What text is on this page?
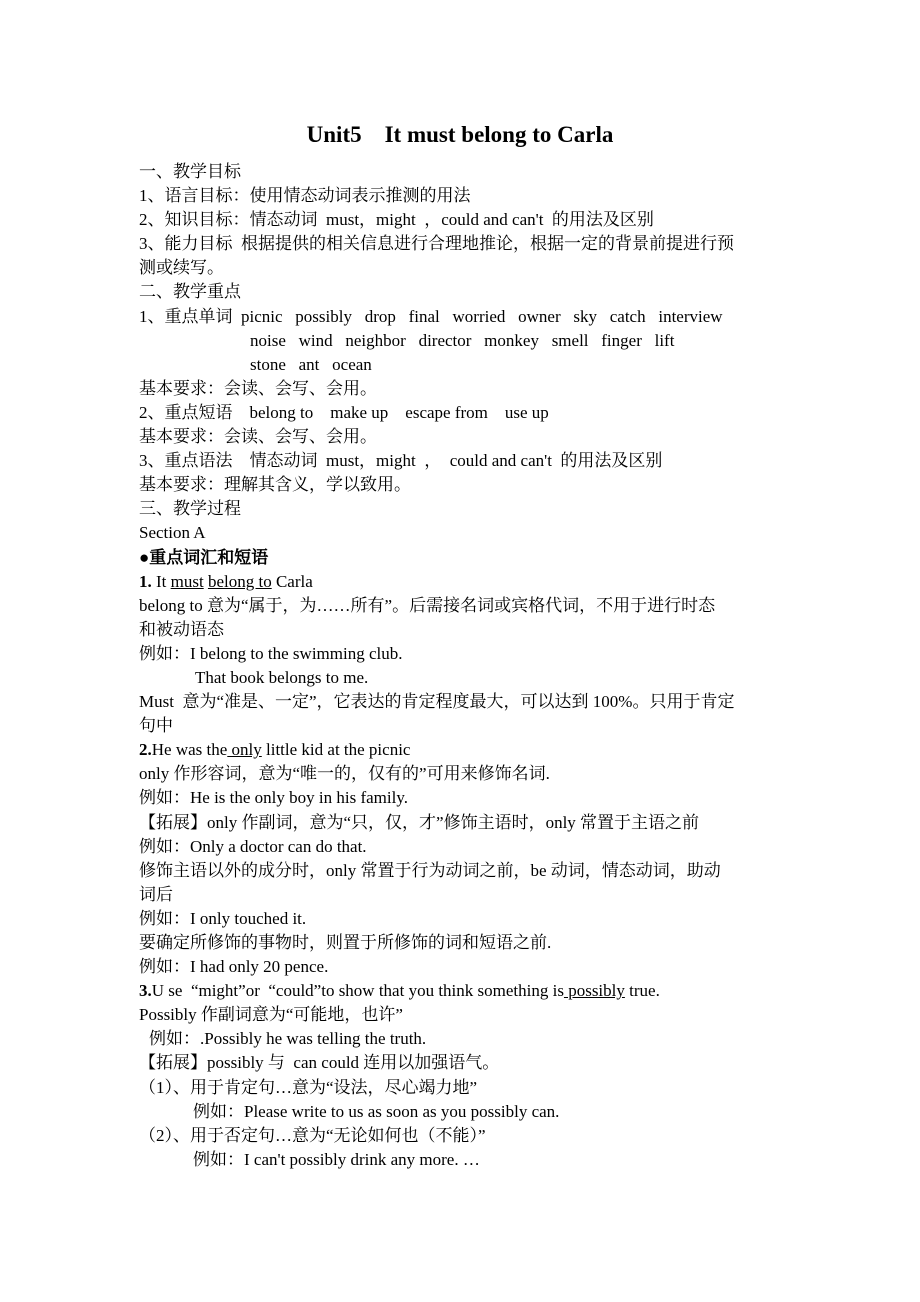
Unit5 It must belong to Carla
一、教学目标
1、语言目标：使用情态动词表示推测的用法
2、知识目标：情态动词  must，might  ，could and can't  的用法及区别
3、能力目标  根据提供的相关信息进行合理地推论，根据一定的背景前提进行预
测或续写。
二、教学重点
1、重点单词  picnic   possibly   drop   final   worried   owner   sky   catch   interview
noise   wind   neighbor   director   monkey   smell   finger   lift
stone   ant   ocean
基本要求：会读、会写、会用。
2、重点短语    belong to    make up    escape from    use up
基本要求：会读、会写、会用。
3、重点语法    情态动词  must，might  ，  could and can't  的用法及区别
基本要求：理解其含义，学以致用。
三、教学过程
Section A
●重点词汇和短语
1. It must belong to Carla
belong to 意为“属于，为……所有”。后需接名词或宾格代词，不用于进行时态
和被动语态
例如：I belong to the swimming club.
That book belongs to me.
Must  意为“准是、一定”，它表达的肯定程度最大，可以达到 100%。只用于肯定
句中
2.He was the only little kid at the picnic
only 作形容词，意为“唯一的，仅有的”可用来修饰名词.
例如：He is the only boy in his family.
【拓展】only 作副词，意为“只，仅，才”修饰主语时，only 常置于主语之前
例如：Only a doctor can do that.
修饰主语以外的成分时，only 常置于行为动词之前，be 动词，情态动词，助动
词后
例如：I only touched it.
要确定所修饰的事物时，则置于所修饰的词和短语之前.
例如：I had only 20 pence.
3.U se  “might”or  “could”to show that you think something is possibly true.
Possibly 作副词意为“可能地，也许”
例如：.Possibly he was telling the truth.
【拓展】possibly 与  can could 连用以加强语气。
（1）、用于肯定句…意为“设法，尽心竭力地”
例如：Please write to us as soon as you possibly can.
（2）、用于否定句…意为“无论如何也（不能）”
例如：I can't possibly drink any more. …
